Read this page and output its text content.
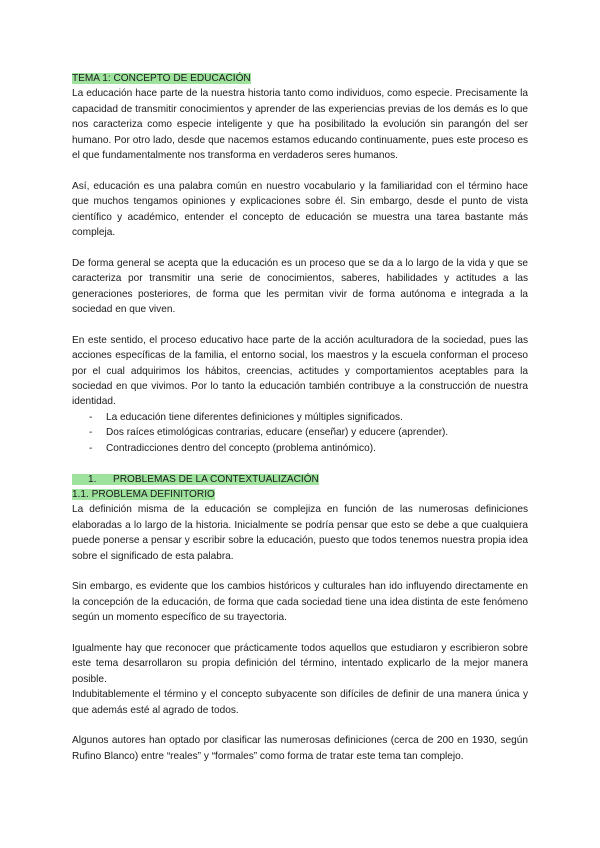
TEMA 1: CONCEPTO DE EDUCACIÓN

La educación hace parte de la nuestra historia tanto como individuos, como especie. Precisamente la capacidad de transmitir conocimientos y aprender de las experiencias previas de los demás es lo que nos caracteriza como especie inteligente y que ha posibilitado la evolución sin parangón del ser humano. Por otro lado, desde que nacemos estamos educando continuamente, pues este proceso es el que fundamentalmente nos transforma en verdaderos seres humanos.

Así, educación es una palabra común en nuestro vocabulario y la familiaridad con el término hace que muchos tengamos opiniones y explicaciones sobre él. Sin embargo, desde el punto de vista científico y académico, entender el concepto de educación se muestra una tarea bastante más compleja.

De forma general se acepta que la educación es un proceso que se da a lo largo de la vida y que se caracteriza por transmitir una serie de conocimientos, saberes, habilidades y actitudes a las generaciones posteriores, de forma que les permitan vivir de forma autónoma e integrada a la sociedad en que viven.

En este sentido, el proceso educativo hace parte de la acción aculturadora de la sociedad, pues las acciones específicas de la familia, el entorno social, los maestros y la escuela conforman el proceso por el cual adquirimos los hábitos, creencias, actitudes y comportamientos aceptables para la sociedad en que vivimos. Por lo tanto la educación también contribuye a la construcción de nuestra identidad.

- La educación tiene diferentes definiciones y múltiples significados.
- Dos raíces etimológicas contrarias, educare (enseñar) y educere (aprender).
- Contradicciones dentro del concepto (problema antinómico).

1. PROBLEMAS DE LA CONTEXTUALIZACIÓN

1.1. PROBLEMA DEFINITORIO

La definición misma de la educación se complejiza en función de las numerosas definiciones elaboradas a lo largo de la historia. Inicialmente se podría pensar que esto se debe a que cualquiera puede ponerse a pensar y escribir sobre la educación, puesto que todos tenemos nuestra propia idea sobre el significado de esta palabra.

Sin embargo, es evidente que los cambios históricos y culturales han ido influyendo directamente en la concepción de la educación, de forma que cada sociedad tiene una idea distinta de este fenómeno según un momento específico de su trayectoria.

Igualmente hay que reconocer que prácticamente todos aquellos que estudiaron y escribieron sobre este tema desarrollaron su propia definición del término, intentado explicarlo de la mejor manera posible.

Indubitablemente el término y el concepto subyacente son difíciles de definir de una manera única y que además esté al agrado de todos.

Algunos autores han optado por clasificar las numerosas definiciones (cerca de 200 en 1930, según Rufino Blanco) entre “reales” y “formales” como forma de tratar este tema tan complejo.
